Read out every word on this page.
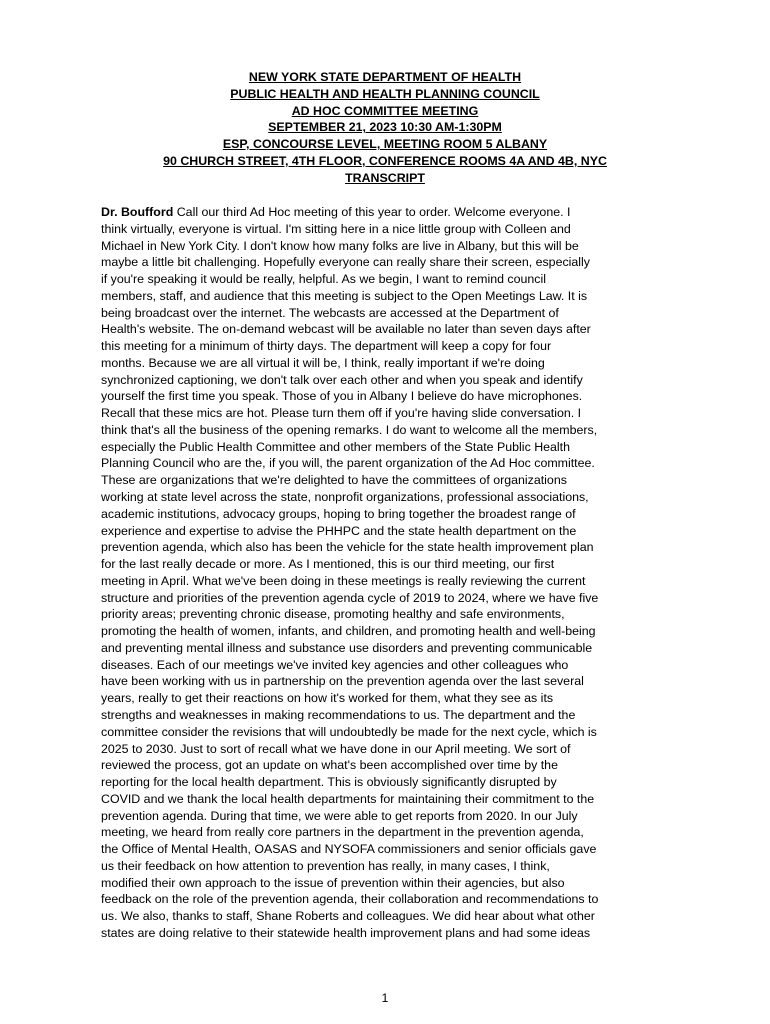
NEW YORK STATE DEPARTMENT OF HEALTH
PUBLIC HEALTH AND HEALTH PLANNING COUNCIL
AD HOC COMMITTEE MEETING
SEPTEMBER 21, 2023 10:30 AM-1:30PM
ESP, CONCOURSE LEVEL, MEETING ROOM 5 ALBANY
90 CHURCH STREET, 4TH FLOOR, CONFERENCE ROOMS 4A AND 4B, NYC
TRANSCRIPT
Dr. Boufford Call our third Ad Hoc meeting of this year to order. Welcome everyone. I
think virtually, everyone is virtual. I'm sitting here in a nice little group with Colleen and
Michael in New York City. I don't know how many folks are live in Albany, but this will be
maybe a little bit challenging. Hopefully everyone can really share their screen, especially
if you're speaking it would be really, helpful. As we begin, I want to remind council
members, staff, and audience that this meeting is subject to the Open Meetings Law. It is
being broadcast over the internet. The webcasts are accessed at the Department of
Health's website. The on-demand webcast will be available no later than seven days after
this meeting for a minimum of thirty days. The department will keep a copy for four
months. Because we are all virtual it will be, I think, really important if we're doing
synchronized captioning, we don't talk over each other and when you speak and identify
yourself the first time you speak. Those of you in Albany I believe do have microphones.
Recall that these mics are hot. Please turn them off if you're having slide conversation. I
think that's all the business of the opening remarks. I do want to welcome all the members,
especially the Public Health Committee and other members of the State Public Health
Planning Council who are the, if you will, the parent organization of the Ad Hoc committee.
These are organizations that we're delighted to have the committees of organizations
working at state level across the state, nonprofit organizations, professional associations,
academic institutions, advocacy groups, hoping to bring together the broadest range of
experience and expertise to advise the PHHPC and the state health department on the
prevention agenda, which also has been the vehicle for the state health improvement plan
for the last really decade or more. As I mentioned, this is our third meeting, our first
meeting in April. What we've been doing in these meetings is really reviewing the current
structure and priorities of the prevention agenda cycle of 2019 to 2024, where we have five
priority areas; preventing chronic disease, promoting healthy and safe environments,
promoting the health of women, infants, and children, and promoting health and well-being
and preventing mental illness and substance use disorders and preventing communicable
diseases. Each of our meetings we've invited key agencies and other colleagues who
have been working with us in partnership on the prevention agenda over the last several
years, really to get their reactions on how it's worked for them, what they see as its
strengths and weaknesses in making recommendations to us. The department and the
committee consider the revisions that will undoubtedly be made for the next cycle, which is
2025 to 2030. Just to sort of recall what we have done in our April meeting. We sort of
reviewed the process, got an update on what's been accomplished over time by the
reporting for the local health department. This is obviously significantly disrupted by
COVID and we thank the local health departments for maintaining their commitment to the
prevention agenda. During that time, we were able to get reports from 2020. In our July
meeting, we heard from really core partners in the department in the prevention agenda,
the Office of Mental Health, OASAS and NYSOFA commissioners and senior officials gave
us their feedback on how attention to prevention has really, in many cases, I think,
modified their own approach to the issue of prevention within their agencies, but also
feedback on the role of the prevention agenda, their collaboration and recommendations to
us. We also, thanks to staff, Shane Roberts and colleagues. We did hear about what other
states are doing relative to their statewide health improvement plans and had some ideas
1
